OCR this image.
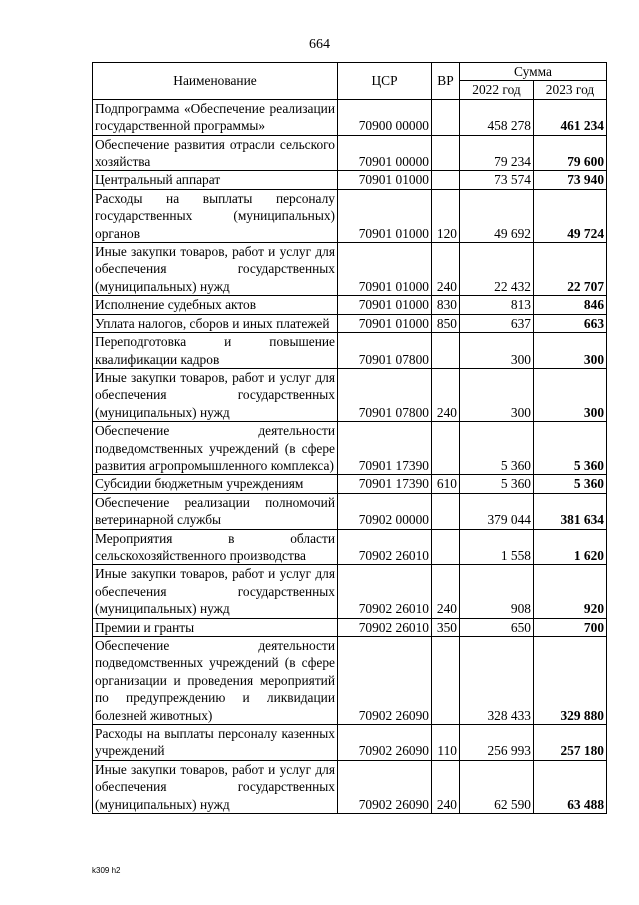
664
Наименование	ЦСР	ВР	Сумма	
			2022 год	2023 год
Подпрограмма «Обеспечение реализации государственной программы»	70900 00000		458 278	461 234
Обеспечение развития отрасли сельского хозяйства	70901 00000		79 234	79 600
Центральный аппарат	70901 01000		73 574	73 940
Расходы на выплаты персоналу государственных (муниципальных) органов	70901 01000	120	49 692	49 724
Иные закупки товаров, работ и услуг для обеспечения государственных (муниципальных) нужд	70901 01000	240	22 432	22 707
Исполнение судебных актов	70901 01000	830	813	846
Уплата налогов, сборов и иных платежей	70901 01000	850	637	663
Переподготовка и повышение квалификации кадров	70901 07800		300	300
Иные закупки товаров, работ и услуг для обеспечения государственных (муниципальных) нужд	70901 07800	240	300	300
Обеспечение деятельности подведомственных учреждений (в сфере развития агропромышленного комплекса)	70901 17390		5 360	5 360
Субсидии бюджетным учреждениям	70901 17390	610	5 360	5 360
Обеспечение реализации полномочий ветеринарной службы	70902 00000		379 044	381 634
Мероприятия в области сельскохозяйственного производства	70902 26010		1 558	1 620
Иные закупки товаров, работ и услуг для обеспечения государственных (муниципальных) нужд	70902 26010	240	908	920
Премии и гранты	70902 26010	350	650	700
Обеспечение деятельности подведомственных учреждений (в сфере организации и проведения мероприятий по предупреждению и ликвидации болезней животных)	70902 26090		328 433	329 880
Расходы на выплаты персоналу казенных учреждений	70902 26090	110	256 993	257 180
Иные закупки товаров, работ и услуг для обеспечения государственных (муниципальных) нужд	70902 26090	240	62 590	63 488
k309 h2
